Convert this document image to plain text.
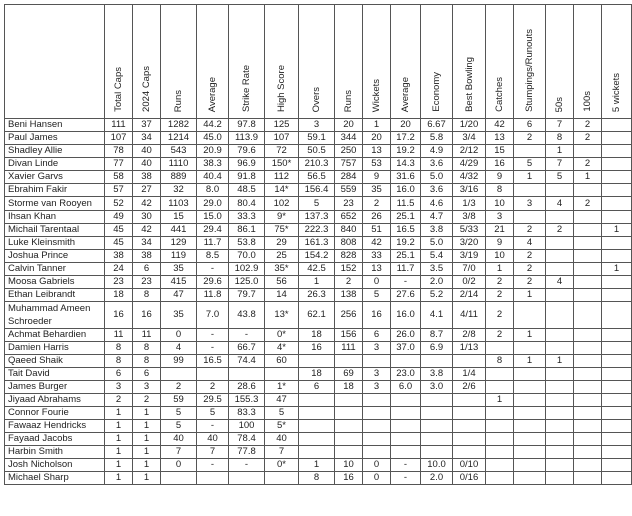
	Total Caps	2024 Caps	Runs	Average	Strike Rate	High Score	Overs	Runs	Wickets	Average	Economy	Best Bowling	Catches	Stumpings/Runouts	50s	100s	5 wickets
Beni Hansen	111	37	1282	44.2	97.8	125	3	20	1	20	6.67	1/20	42	6	7	2	
Paul James	107	34	1214	45.0	113.9	107	59.1	344	20	17.2	5.8	3/4	13	2	8	2	
Shadley Allie	78	40	543	20.9	79.6	72	50.5	250	13	19.2	4.9	2/12	15		1		
Divan Linde	77	40	1110	38.3	96.9	150*	210.3	757	53	14.3	3.6	4/29	16	5	7	2	
Xavier Garvs	58	38	889	40.4	91.8	112	56.5	284	9	31.6	5.0	4/32	9	1	5	1	
Ebrahim Fakir	57	27	32	8.0	48.5	14*	156.4	559	35	16.0	3.6	3/16	8				
Storme van Rooyen	52	42	1103	29.0	80.4	102	5	23	2	11.5	4.6	1/3	10	3	4	2	
Ihsan Khan	49	30	15	15.0	33.3	9*	137.3	652	26	25.1	4.7	3/8	3				
Michail Tarentaal	45	42	441	29.4	86.1	75*	222.3	840	51	16.5	3.8	5/33	21	2	2		1
Luke Kleinsmith	45	34	129	11.7	53.8	29	161.3	808	42	19.2	5.0	3/20	9	4			
Joshua Prince	38	38	119	8.5	70.0	25	154.2	828	33	25.1	5.4	3/19	10	2			
Calvin Tanner	24	6	35	-	102.9	35*	42.5	152	13	11.7	3.5	7/0	1	2			1
Moosa Gabriels	23	23	415	29.6	125.0	56	1	2	0	-	2.0	0/2	2	2	4		
Ethan Leibrandt	18	8	47	11.8	79.7	14	26.3	138	5	27.6	5.2	2/14	2	1			
Muhammad Ameen Schroeder	16	16	35	7.0	43.8	13*	62.1	256	16	16.0	4.1	4/11	2				
Achmat Behardien	11	11	0	-	-	0*	18	156	6	26.0	8.7	2/8	2	1			
Damien Harris	8	8	4	-	66.7	4*	16	111	3	37.0	6.9	1/13					
Qaeed Shaik	8	8	99	16.5	74.4	60							8	1	1		
Tait David	6	6					18	69	3	23.0	3.8	1/4					
James Burger	3	3	2	2	28.6	1*	6	18	3	6.0	3.0	2/6					
Jiyaad Abrahams	2	2	59	29.5	155.3	47							1				
Connor Fourie	1	1	5	5	83.3	5											
Fawaaz Hendricks	1	1	5	-	100	5*											
Fayaad Jacobs	1	1	40	40	78.4	40											
Harbin Smith	1	1	7	7	77.8	7											
Josh Nicholson	1	1	0	-	-	0*	1	10	0	-	10.0	0/10					
Michael Sharp	1	1					8	16	0	-	2.0	0/16					
